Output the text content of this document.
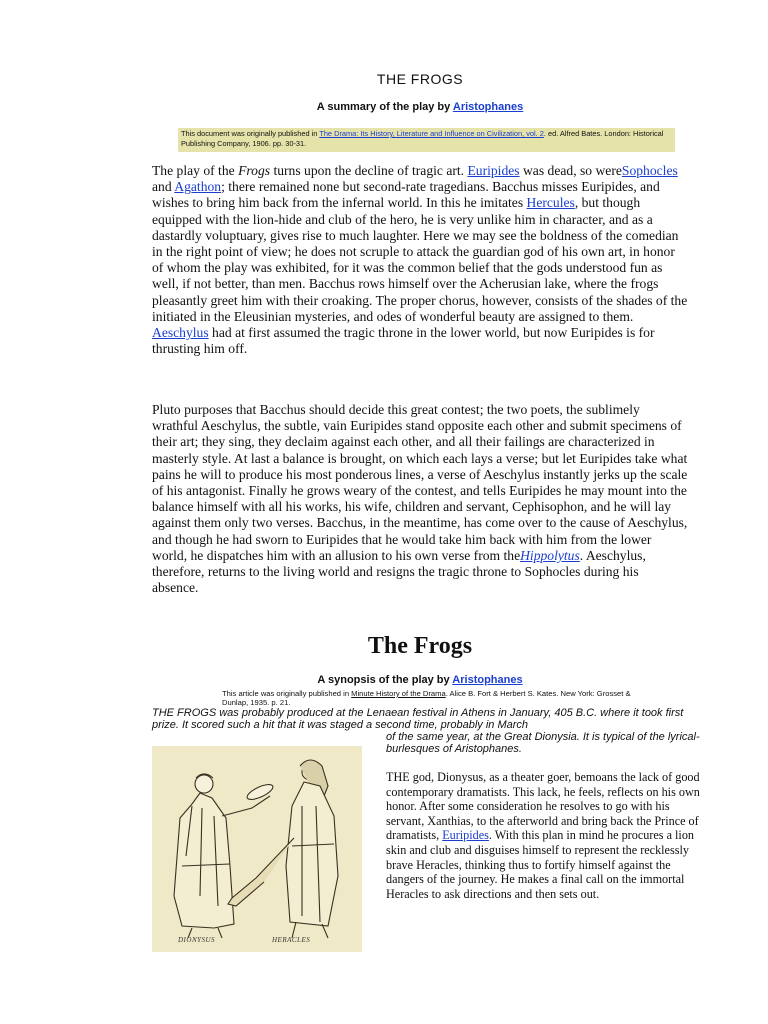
THE FROGS
A summary of the play by Aristophanes
This document was originally published in The Drama: Its History, Literature and Influence on Civilization, vol. 2. ed. Alfred Bates. London: Historical Publishing Company, 1906. pp. 30-31.

The play of the Frogs turns upon the decline of tragic art. Euripides was dead, so wereSophocles and Agathon; there remained none but second-rate tragedians. Bacchus misses Euripides, and wishes to bring him back from the infernal world. In this he imitates Hercules, but though equipped with the lion-hide and club of the hero, he is very unlike him in character, and as a dastardly voluptuary, gives rise to much laughter. Here we may see the boldness of the comedian in the right point of view; he does not scruple to attack the guardian god of his own art, in honor of whom the play was exhibited, for it was the common belief that the gods understood fun as well, if not better, than men. Bacchus rows himself over the Acherusian lake, where the frogs pleasantly greet him with their croaking. The proper chorus, however, consists of the shades of the initiated in the Eleusinian mysteries, and odes of wonderful beauty are assigned to them. Aeschylus had at first assumed the tragic throne in the lower world, but now Euripides is for thrusting him off.

Pluto purposes that Bacchus should decide this great contest; the two poets, the sublimely wrathful Aeschylus, the subtle, vain Euripides stand opposite each other and submit specimens of their art; they sing, they declaim against each other, and all their failings are characterized in masterly style. At last a balance is brought, on which each lays a verse; but let Euripides take what pains he will to produce his most ponderous lines, a verse of Aeschylus instantly jerks up the scale of his antagonist. Finally he grows weary of the contest, and tells Euripides he may mount into the balance himself with all his works, his wife, children and servant, Cephisophon, and he will lay against them only two verses. Bacchus, in the meantime, has come over to the cause of Aeschylus, and though he had sworn to Euripides that he would take him back with him from the lower world, he dispatches him with an allusion to his own verse from theHippolytus. Aeschylus, therefore, returns to the living world and resigns the tragic throne to Sophocles during his absence.

The Frogs
A synopsis of the play by Aristophanes
This article was originally published in Minute History of the Drama. Alice B. Fort & Herbert S. Kates. New York: Grosset & Dunlap, 1935. p. 21.
THE FROGS was probably produced at the Lenaean festival in Athens in January, 405 B.C. where it took first prize. It scored such a hit that it was staged a second time, probably in March
of the same year, at the Great Dionysia. It is typical of the lyrical-burlesques of Aristophanes.
DIONYSUS	HERACLES

THE god, Dionysus, as a theater goer, bemoans the lack of good contemporary dramatists. This lack, he feels, reflects on his own honor. After some consideration he resolves to go with his servant, Xanthias, to the afterworld and bring back the Prince of dramatists, Euripides. With this plan in mind he procures a lion skin and club and disguises himself to represent the recklessly brave Heracles, thinking thus to fortify himself against the dangers of the journey. He makes a final call on the immortal Heracles to ask directions and then sets out.
